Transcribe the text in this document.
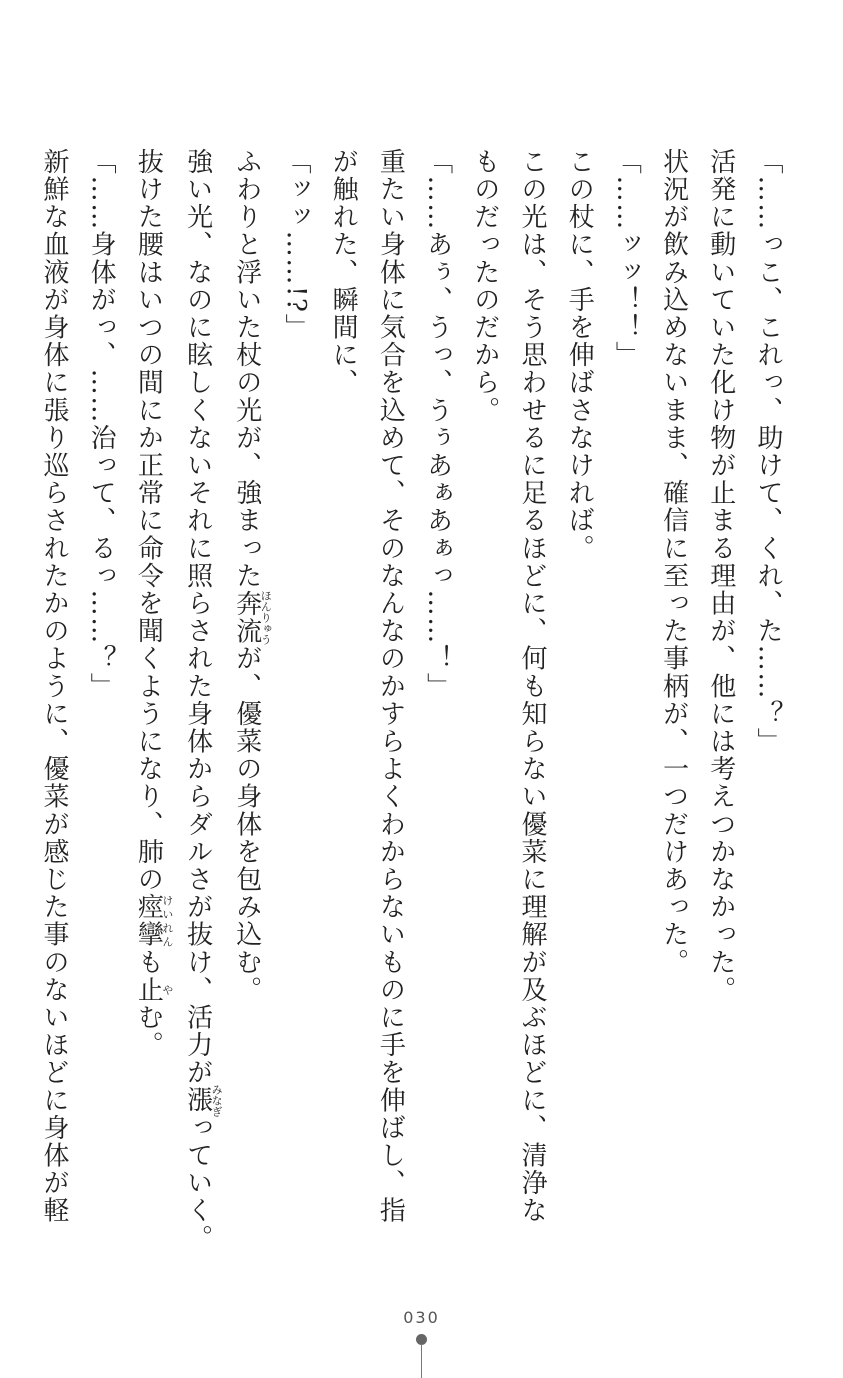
「……っこ、これっ、助けて、くれ、た……？」
活発に動いていた化け物が止まる理由が、他には考えつかなかった。
状況が飲み込めないまま、確信に至った事柄が、一つだけあった。
「……ッッ！！」
この杖に、手を伸ばさなければ。
この光は、そう思わせるに足るほどに、何も知らない優菜に理解が及ぶほどに、清浄な
ものだったのだから。
「……あぅ、うっ、うぅあぁあぁっ……！」
重たい身体に気合を込めて、そのなんなのかすらよくわからないものに手を伸ばし、指
が触れた、瞬間に、
「ッッ……!?」
ふわりと浮いた杖の光が、強まった奔流ほんりゅうが、優菜の身体を包み込む。
強い光、なのに眩しくないそれに照らされた身体からダルさが抜け、活力が漲みなぎっていく。
抜けた腰はいつの間にか正常に命令を聞くようになり、肺の痙攣けいれんも止やむ。
「……身体がっ、……治って、るっ……？」
新鮮な血液が身体に張り巡らされたかのように、優菜が感じた事のないほどに身体が軽
030
